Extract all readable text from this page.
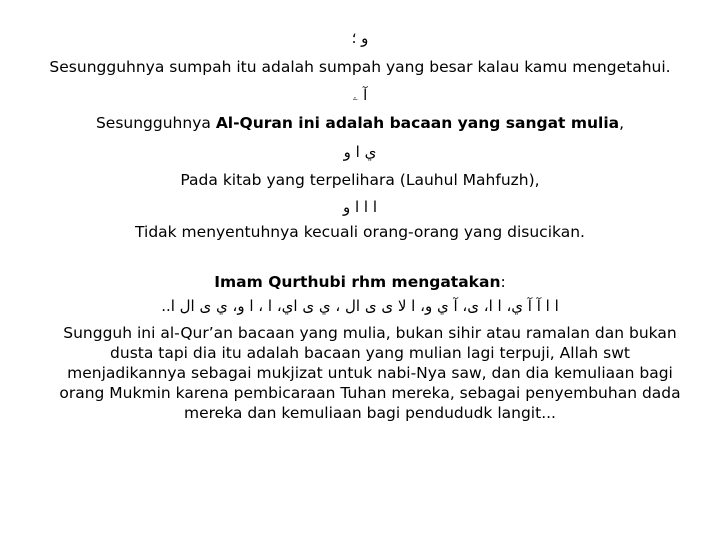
و ؛
Sesungguhnya sumpah itu adalah sumpah yang besar kalau kamu mengetahui.
آ ۦ
Sesungguhnya Al-Quran ini adalah bacaan yang sangat mulia,
ي ا و
Pada kitab yang terpelihara (Lauhul Mahfuzh),
ا ا ا و
Tidak menyentuhnya kecuali orang-orang yang disucikan.
Imam Qurthubi rhm mengatakan:
ا ا آ آ ي، ا ا، ى، آ ي و، ا لا ى ى ال ، ي ى اي، ا ، ا و، ي ى ال ا..
Sungguh ini al-Qur’an bacaan yang mulia, bukan sihir atau ramalan dan bukan dusta tapi dia itu adalah bacaan yang mulian lagi terpuji, Allah swt menjadikannya sebagai mukjizat untuk nabi-Nya saw, dan dia kemuliaan bagi orang Mukmin karena pembicaraan Tuhan mereka, sebagai penyembuhan dada mereka dan kemuliaan bagi pendududk langit...
